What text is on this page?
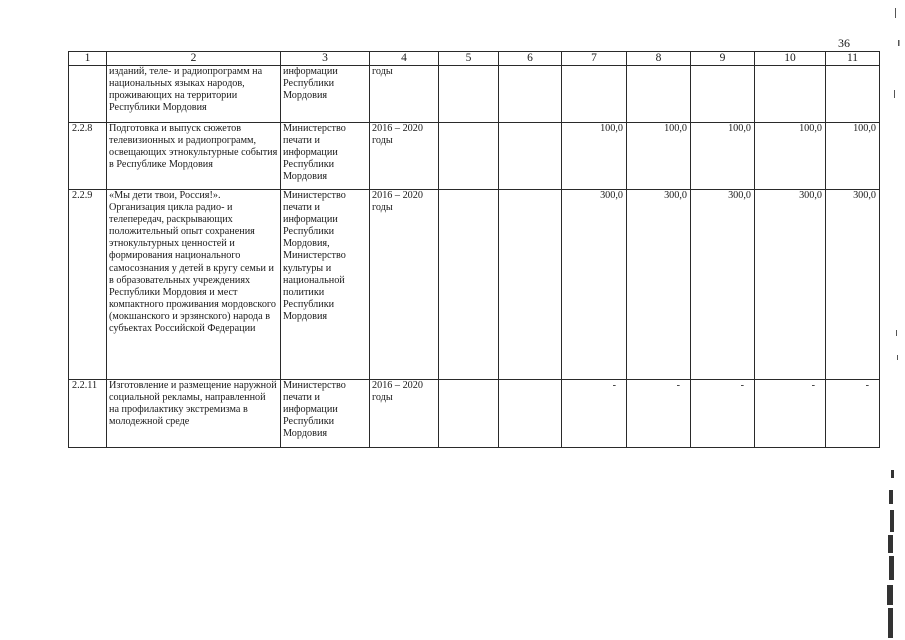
36
1	2	3	4	5	6	7	8	9	10	11
	изданий, теле- и радиопрограмм на национальных языках народов, проживающих на территории Республики Мордовия	информации Республики Мордовия	годы							
2.2.8	Подготовка и выпуск сюжетов телевизионных и радиопрограмм, освещающих этнокультурные события в Республике Мордовия	Министерство печати и информации Республики Мордовия	2016 – 2020 годы			100,0	100,0	100,0	100,0	100,0
2.2.9	«Мы дети твои, Россия!». Организация цикла радио- и телепередач, раскрывающих положительный опыт сохранения этнокультурных ценностей и формирования национального самосознания у детей в кругу семьи и в образовательных учреждениях Республики Мордовия и мест компактного проживания мордовского (мокшанского и эрзянского) народа в субъектах Российской Федерации	Министерство печати и информации Республики Мордовия, Министерство культуры и национальной политики Республики Мордовия	2016 – 2020 годы			300,0	300,0	300,0	300,0	300,0
2.2.11	Изготовление и размещение наружной социальной рекламы, направленной на профилактику экстремизма в молодежной среде	Министерство печати и информации Республики Мордовия	2016 – 2020 годы			-	-	-	-	-
